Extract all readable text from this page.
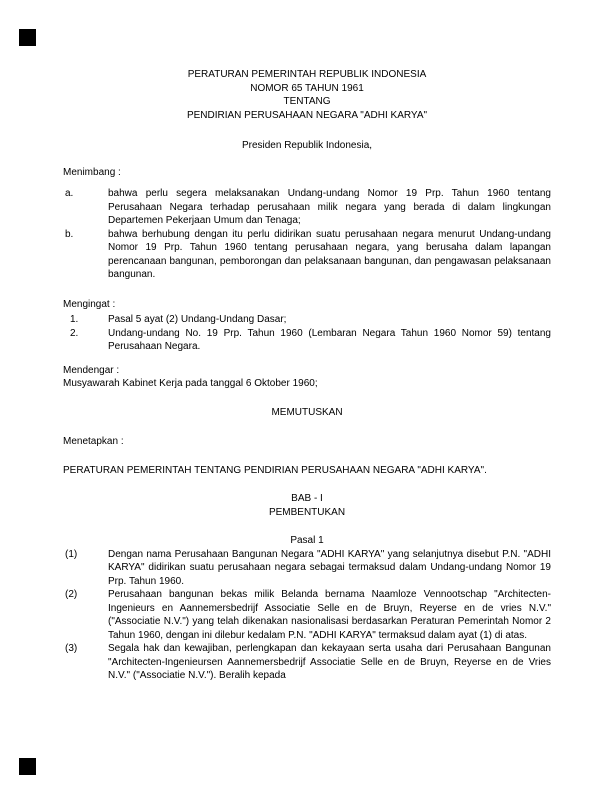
PERATURAN PEMERINTAH REPUBLIK INDONESIA
NOMOR 65 TAHUN 1961
TENTANG
PENDIRIAN PERUSAHAAN NEGARA "ADHI KARYA"
Presiden Republik Indonesia,
Menimbang :
a.	bahwa perlu segera melaksanakan Undang-undang Nomor 19 Prp. Tahun 1960 tentang Perusahaan Negara terhadap perusahaan milik negara yang berada di dalam lingkungan Departemen Pekerjaan Umum dan Tenaga;
b.	bahwa berhubung dengan itu perlu didirikan suatu perusahaan negara menurut Undang-undang Nomor 19 Prp. Tahun 1960 tentang perusahaan negara, yang berusaha dalam lapangan perencanaan bangunan, pemborongan dan pelaksanaan bangunan, dan pengawasan pelaksanaan bangunan.
Mengingat :
1.	Pasal 5 ayat (2) Undang-Undang Dasar;
2.	Undang-undang No. 19 Prp. Tahun 1960 (Lembaran Negara Tahun 1960 Nomor 59) tentang Perusahaan Negara.
Mendengar :
Musyawarah Kabinet Kerja pada tanggal 6 Oktober 1960;
MEMUTUSKAN
Menetapkan :
PERATURAN PEMERINTAH TENTANG PENDIRIAN PERUSAHAAN NEGARA "ADHI KARYA".
BAB - I
PEMBENTUKAN
Pasal 1
(1)	Dengan nama Perusahaan Bangunan Negara "ADHI KARYA" yang selanjutnya disebut P.N. "ADHI KARYA" didirikan suatu perusahaan negara sebagai termaksud dalam Undang-undang Nomor 19 Prp. Tahun 1960.
(2)	Perusahaan bangunan bekas milik Belanda bernama Naamloze Vennootschap "Architecten-Ingenieurs en Aannemersbedrijf Associatie Selle en de Bruyn, Reyerse en de vries N.V." ("Associatie N.V.") yang telah dikenakan nasionalisasi berdasarkan Peraturan Pemerintah Nomor 2 Tahun 1960, dengan ini dilebur kedalam P.N. "ADHI KARYA" termaksud dalam ayat (1) di atas.
(3)	Segala hak dan kewajiban, perlengkapan dan kekayaan serta usaha dari Perusahaan Bangunan "Architecten-Ingenieursen Aannemersbedrijf Associatie Selle en de Bruyn, Reyerse en de Vries N.V." ("Associatie N.V."). Beralih kepada
